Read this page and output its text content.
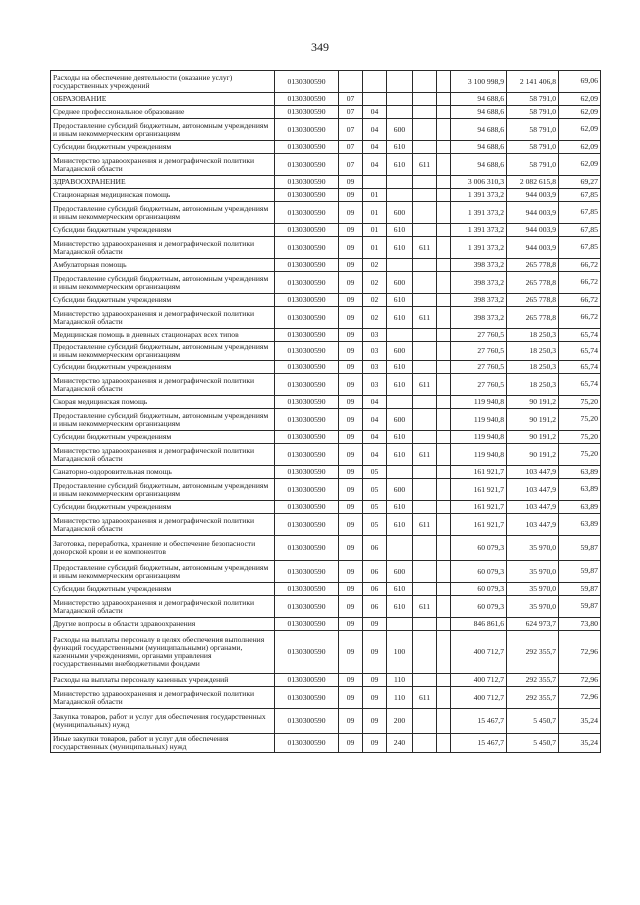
349
Расходы на обеспечение деятельности (оказание услуг) государственных учреждений	0130300590						3 100 998,9	2 141 406,8	69,06
ОБРАЗОВАНИЕ	0130300590	07					94 688,6	58 791,0	62,09
Среднее профессиональное образование	0130300590	07	04				94 688,6	58 791,0	62,09
Предоставление субсидий бюджетным, автономным учреждениям и иным некоммерческим организациям	0130300590	07	04	600			94 688,6	58 791,0	62,09
Субсидии бюджетным учреждениям	0130300590	07	04	610			94 688,6	58 791,0	62,09
Министерство здравоохранения и демографической политики Магаданской области	0130300590	07	04	610	611		94 688,6	58 791,0	62,09
ЗДРАВООХРАНЕНИЕ	0130300590	09					3 006 310,3	2 082 615,8	69,27
Стационарная медицинская помощь	0130300590	09	01				1 391 373,2	944 003,9	67,85
Предоставление субсидий бюджетным, автономным учреждениям и иным некоммерческим организациям	0130300590	09	01	600			1 391 373,2	944 003,9	67,85
Субсидии бюджетным учреждениям	0130300590	09	01	610			1 391 373,2	944 003,9	67,85
Министерство здравоохранения и демографической политики Магаданской области	0130300590	09	01	610	611		1 391 373,2	944 003,9	67,85
Амбулаторная помощь	0130300590	09	02				398 373,2	265 778,8	66,72
Предоставление субсидий бюджетным, автономным учреждениям и иным некоммерческим организациям	0130300590	09	02	600			398 373,2	265 778,8	66,72
Субсидии бюджетным учреждениям	0130300590	09	02	610			398 373,2	265 778,8	66,72
Министерство здравоохранения и демографической политики Магаданской области	0130300590	09	02	610	611		398 373,2	265 778,8	66,72
Медицинская помощь в дневных стационарах всех типов	0130300590	09	03				27 760,5	18 250,3	65,74
Предоставление субсидий бюджетным, автономным учреждениям и иным некоммерческим организациям	0130300590	09	03	600			27 760,5	18 250,3	65,74
Субсидии бюджетным учреждениям	0130300590	09	03	610			27 760,5	18 250,3	65,74
Министерство здравоохранения и демографической политики Магаданской области	0130300590	09	03	610	611		27 760,5	18 250,3	65,74
Скорая медицинская помощь	0130300590	09	04				119 940,8	90 191,2	75,20
Предоставление субсидий бюджетным, автономным учреждениям и иным некоммерческим организациям	0130300590	09	04	600			119 940,8	90 191,2	75,20
Субсидии бюджетным учреждениям	0130300590	09	04	610			119 940,8	90 191,2	75,20
Министерство здравоохранения и демографической политики Магаданской области	0130300590	09	04	610	611		119 940,8	90 191,2	75,20
Санаторно-оздоровительная помощь	0130300590	09	05				161 921,7	103 447,9	63,89
Предоставление субсидий бюджетным, автономным учреждениям и иным некоммерческим организациям	0130300590	09	05	600			161 921,7	103 447,9	63,89
Субсидии бюджетным учреждениям	0130300590	09	05	610			161 921,7	103 447,9	63,89
Министерство здравоохранения и демографической политики Магаданской области	0130300590	09	05	610	611		161 921,7	103 447,9	63,89
Заготовка, переработка, хранение и обеспечение безопасности донорской крови и ее компонентов	0130300590	09	06				60 079,3	35 970,0	59,87
Предоставление субсидий бюджетным, автономным учреждениям и иным некоммерческим организациям	0130300590	09	06	600			60 079,3	35 970,0	59,87
Субсидии бюджетным учреждениям	0130300590	09	06	610			60 079,3	35 970,0	59,87
Министерство здравоохранения и демографической политики Магаданской области	0130300590	09	06	610	611		60 079,3	35 970,0	59,87
Другие вопросы в области здравоохранения	0130300590	09	09				846 861,6	624 973,7	73,80
Расходы на выплаты персоналу в целях обеспечения выполнения функций государственными (муниципальными) органами, казенными учреждениями, органами управления государственными внебюджетными фондами	0130300590	09	09	100			400 712,7	292 355,7	72,96
Расходы на выплаты персоналу казенных учреждений	0130300590	09	09	110			400 712,7	292 355,7	72,96
Министерство здравоохранения и демографической политики Магаданской области	0130300590	09	09	110	611		400 712,7	292 355,7	72,96
Закупка товаров, работ и услуг для обеспечения государственных (муниципальных) нужд	0130300590	09	09	200			15 467,7	5 450,7	35,24
Иные закупки товаров, работ и услуг для обеспечения государственных (муниципальных) нужд	0130300590	09	09	240			15 467,7	5 450,7	35,24
